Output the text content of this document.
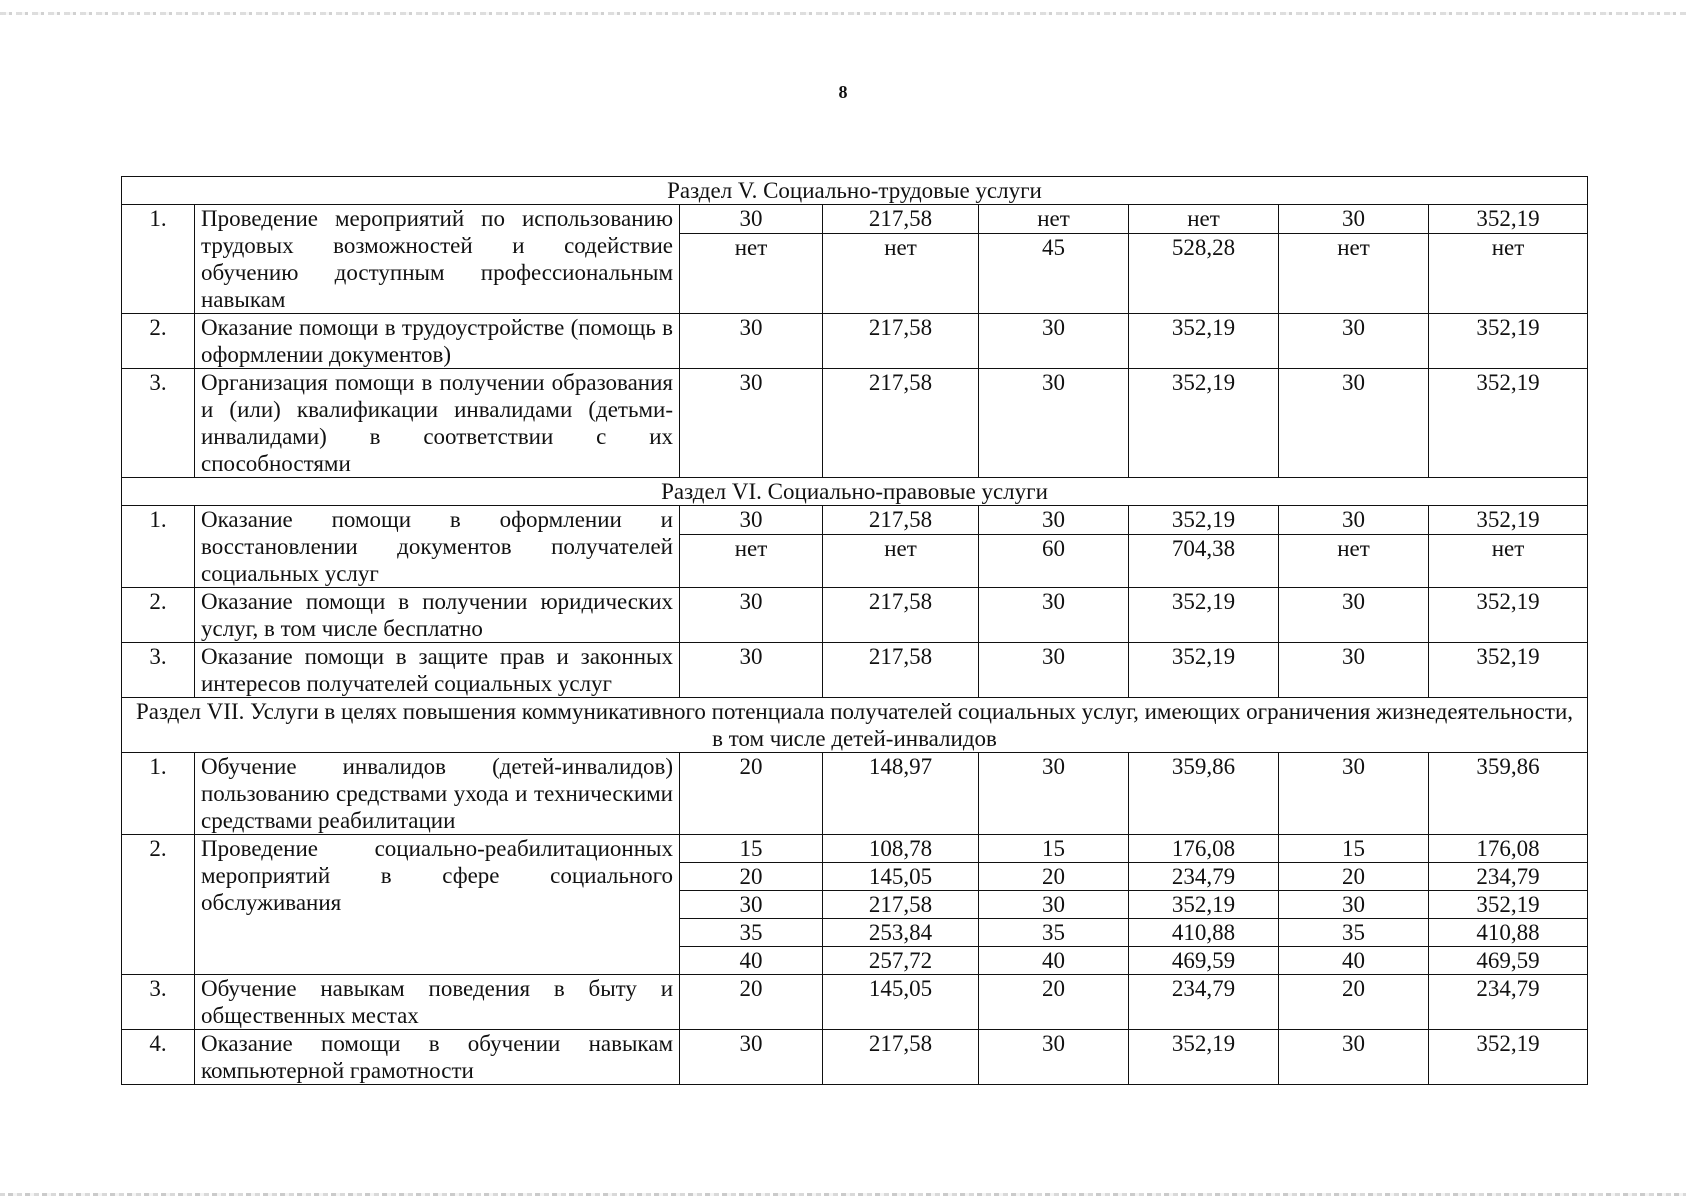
8
Раздел V. Социально-трудовые услуги							
1.	Проведение мероприятий по использованию трудовых возможностей и содействие обучению доступным профессиональным навыкам	30	217,58	нет	нет	30	352,19
		нет	нет	45	528,28	нет	нет
2.	Оказание помощи в трудоустройстве (помощь в оформлении документов)	30	217,58	30	352,19	30	352,19
3.	Организация помощи в получении образования и (или) квалификации инвалидами (детьми-инвалидами) в соответствии с их способностями	30	217,58	30	352,19	30	352,19
Раздел VI. Социально-правовые услуги							
1.	Оказание помощи в оформлении и восстановлении документов получателей социальных услуг	30	217,58	30	352,19	30	352,19
		нет	нет	60	704,38	нет	нет
2.	Оказание помощи в получении юридических услуг, в том числе бесплатно	30	217,58	30	352,19	30	352,19
3.	Оказание помощи в защите прав и законных интересов получателей социальных услуг	30	217,58	30	352,19	30	352,19
Раздел VII. Услуги в целях повышения коммуникативного потенциала получателей социальных услуг, имеющих ограничения жизнедеятельности, в том числе детей-инвалидов							
1.	Обучение инвалидов (детей-инвалидов) пользованию средствами ухода и техническими средствами реабилитации	20	148,97	30	359,86	30	359,86
2.	Проведение социально-реабилитационных мероприятий в сфере социального обслуживания	15	108,78	15	176,08	15	176,08
		20	145,05	20	234,79	20	234,79
		30	217,58	30	352,19	30	352,19
		35	253,84	35	410,88	35	410,88
		40	257,72	40	469,59	40	469,59
3.	Обучение навыкам поведения в быту и общественных местах	20	145,05	20	234,79	20	234,79
4.	Оказание помощи в обучении навыкам компьютерной грамотности	30	217,58	30	352,19	30	352,19
